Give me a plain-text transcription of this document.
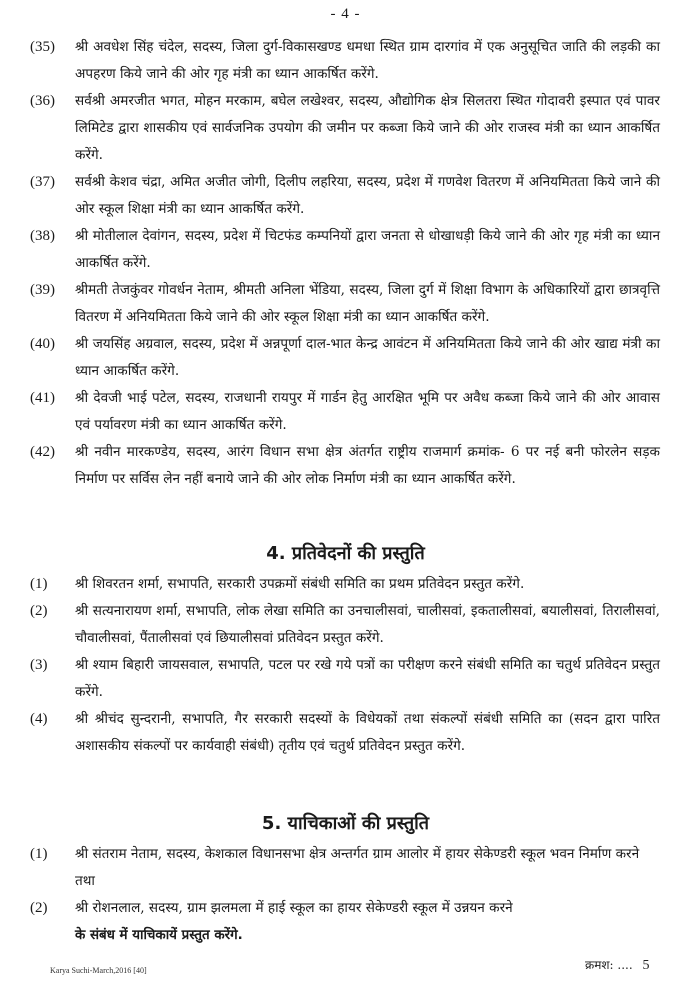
- 4 -
(35)	श्री अवधेश सिंह चंदेल, सदस्य, जिला दुर्ग-विकासखण्ड धमधा स्थित ग्राम दारगांव में एक अनुसूचित जाति की लड़की का अपहरण किये जाने की ओर गृह मंत्री का ध्यान आकर्षित करेंगे.
(36)	सर्वश्री अमरजीत भगत, मोहन मरकाम, बघेल लखेश्वर, सदस्य, औद्योगिक क्षेत्र सिलतरा स्थित गोदावरी इस्पात एवं पावर लिमिटेड द्वारा शासकीय एवं सार्वजनिक उपयोग की जमीन पर कब्जा किये जाने की ओर राजस्व मंत्री का ध्यान आकर्षित करेंगे.
(37)	सर्वश्री केशव चंद्रा, अमित अजीत जोगी, दिलीप लहरिया, सदस्य, प्रदेश में गणवेश वितरण में अनियमितता किये जाने की ओर स्कूल शिक्षा मंत्री का ध्यान आकर्षित करेंगे.
(38)	श्री मोतीलाल देवांगन, सदस्य, प्रदेश में चिटफंड कम्पनियों द्वारा जनता से धोखाधड़ी किये जाने की ओर गृह मंत्री का ध्यान आकर्षित करेंगे.
(39)	श्रीमती तेजकुंवर गोवर्धन नेताम, श्रीमती अनिला भेंडिया, सदस्य, जिला दुर्ग में शिक्षा विभाग के अधिकारियों द्वारा छात्रवृत्ति वितरण में अनियमितता किये जाने की ओर स्कूल शिक्षा मंत्री का ध्यान आकर्षित करेंगे.
(40)	श्री जयसिंह अग्रवाल, सदस्य, प्रदेश में अन्नपूर्णा दाल-भात केन्द्र आवंटन में अनियमितता किये जाने की ओर खाद्य मंत्री का ध्यान आकर्षित करेंगे.
(41)	श्री देवजी भाई पटेल, सदस्य, राजधानी रायपुर में गार्डन हेतु आरक्षित भूमि पर अवैध कब्जा किये जाने की ओर आवास एवं पर्यावरण मंत्री का ध्यान आकर्षित करेंगे.
(42)	श्री नवीन मारकण्डेय, सदस्य, आरंग विधान सभा क्षेत्र अंतर्गत राष्ट्रीय राजमार्ग क्रमांक- 6 पर नई बनी फोरलेन सड़क निर्माण पर सर्विस लेन नहीं बनाये जाने की ओर लोक निर्माण मंत्री का ध्यान आकर्षित करेंगे.
4. प्रतिवेदनों की प्रस्तुति
(1)	श्री शिवरतन शर्मा, सभापति, सरकारी उपक्रमों संबंधी समिति का प्रथम प्रतिवेदन प्रस्तुत करेंगे.
(2)	श्री सत्यनारायण शर्मा, सभापति, लोक लेखा समिति का उनचालीसवां, चालीसवां, इकतालीसवां, बयालीसवां, तिरालीसवां, चौवालीसवां, पैंतालीसवां एवं छियालीसवां प्रतिवेदन प्रस्तुत करेंगे.
(3)	श्री श्याम बिहारी जायसवाल, सभापति, पटल पर रखे गये पत्रों का परीक्षण करने संबंधी समिति का चतुर्थ प्रतिवेदन प्रस्तुत करेंगे.
(4)	श्री श्रीचंद सुन्दरानी, सभापति, गैर सरकारी सदस्यों के विधेयकों तथा संकल्पों संबंधी समिति का (सदन द्वारा पारित अशासकीय संकल्पों पर कार्यवाही संबंधी) तृतीय एवं चतुर्थ प्रतिवेदन प्रस्तुत करेंगे.
5. याचिकाओं की प्रस्तुति
(1)	श्री संतराम नेताम, सदस्य, केशकाल विधानसभा क्षेत्र अन्तर्गत ग्राम आलोर में हायर सेकेण्डरी स्कूल भवन निर्माण करने तथा
(2)	श्री रोशनलाल, सदस्य, ग्राम झलमला में हाई स्कूल का हायर सेकेण्डरी स्कूल में उन्नयन करने
के संबंध में याचिकायें प्रस्तुत करेंगे.
क्रमश: .... 5
Karya Suchi-March,2016 [40]
